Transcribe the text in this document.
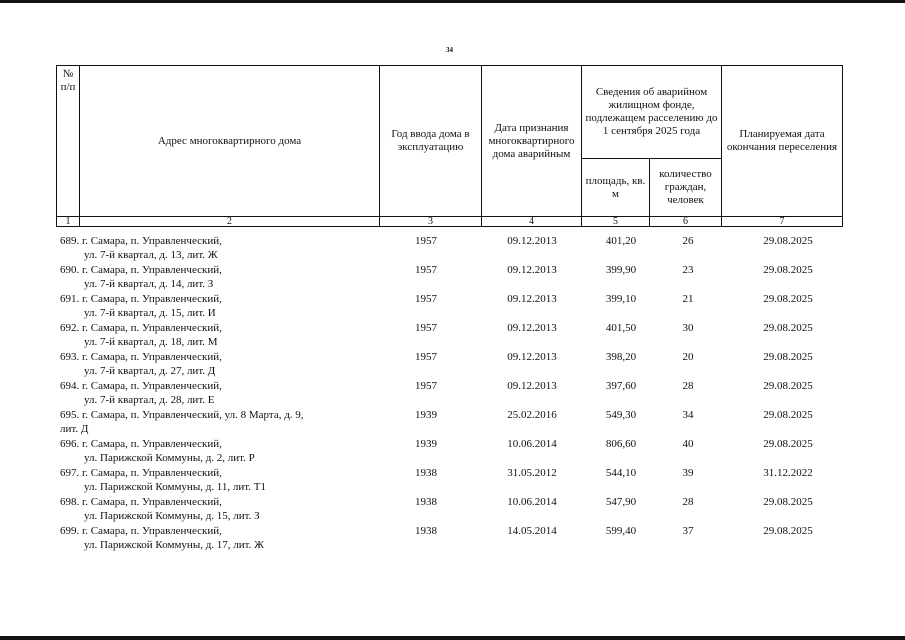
34
№
п/п	Адрес многоквартирного дома	Год ввода дома в эксплуатацию	Дата признания многоквартирного дома аварийным	Сведения об аварийном жилищном фонде, подлежащем расселению до 1 сентября 2025 года		Планируемая дата окончания переселения
				площадь, кв. м	количество граждан, человек	
1	2	3	4	5	6	7
689. г. Самара, п. Управленческий,
ул. 7-й квартал, д. 13, лит. Ж
1957	09.12.2013	401,20	26	29.08.2025
690. г. Самара, п. Управленческий,
ул. 7-й квартал, д. 14, лит. З
1957	09.12.2013	399,90	23	29.08.2025
691. г. Самара, п. Управленческий,
ул. 7-й квартал, д. 15, лит. И
1957	09.12.2013	399,10	21	29.08.2025
692. г. Самара, п. Управленческий,
ул. 7-й квартал, д. 18, лит. М
1957	09.12.2013	401,50	30	29.08.2025
693. г. Самара, п. Управленческий,
ул. 7-й квартал, д. 27, лит. Д
1957	09.12.2013	398,20	20	29.08.2025
694. г. Самара, п. Управленческий,
ул. 7-й квартал, д. 28, лит. Е
1957	09.12.2013	397,60	28	29.08.2025
695. г. Самара, п. Управленческий, ул. 8 Марта, д. 9,
лит. Д
1939	25.02.2016	549,30	34	29.08.2025
696. г. Самара, п. Управленческий,
ул. Парижской Коммуны, д. 2, лит. Р
1939	10.06.2014	806,60	40	29.08.2025
697. г. Самара, п. Управленческий,
ул. Парижской Коммуны, д. 11, лит. Т1
1938	31.05.2012	544,10	39	31.12.2022
698. г. Самара, п. Управленческий,
ул. Парижской Коммуны, д. 15, лит. З
1938	10.06.2014	547,90	28	29.08.2025
699. г. Самара, п. Управленческий,
ул. Парижской Коммуны, д. 17, лит. Ж
1938	14.05.2014	599,40	37	29.08.2025
